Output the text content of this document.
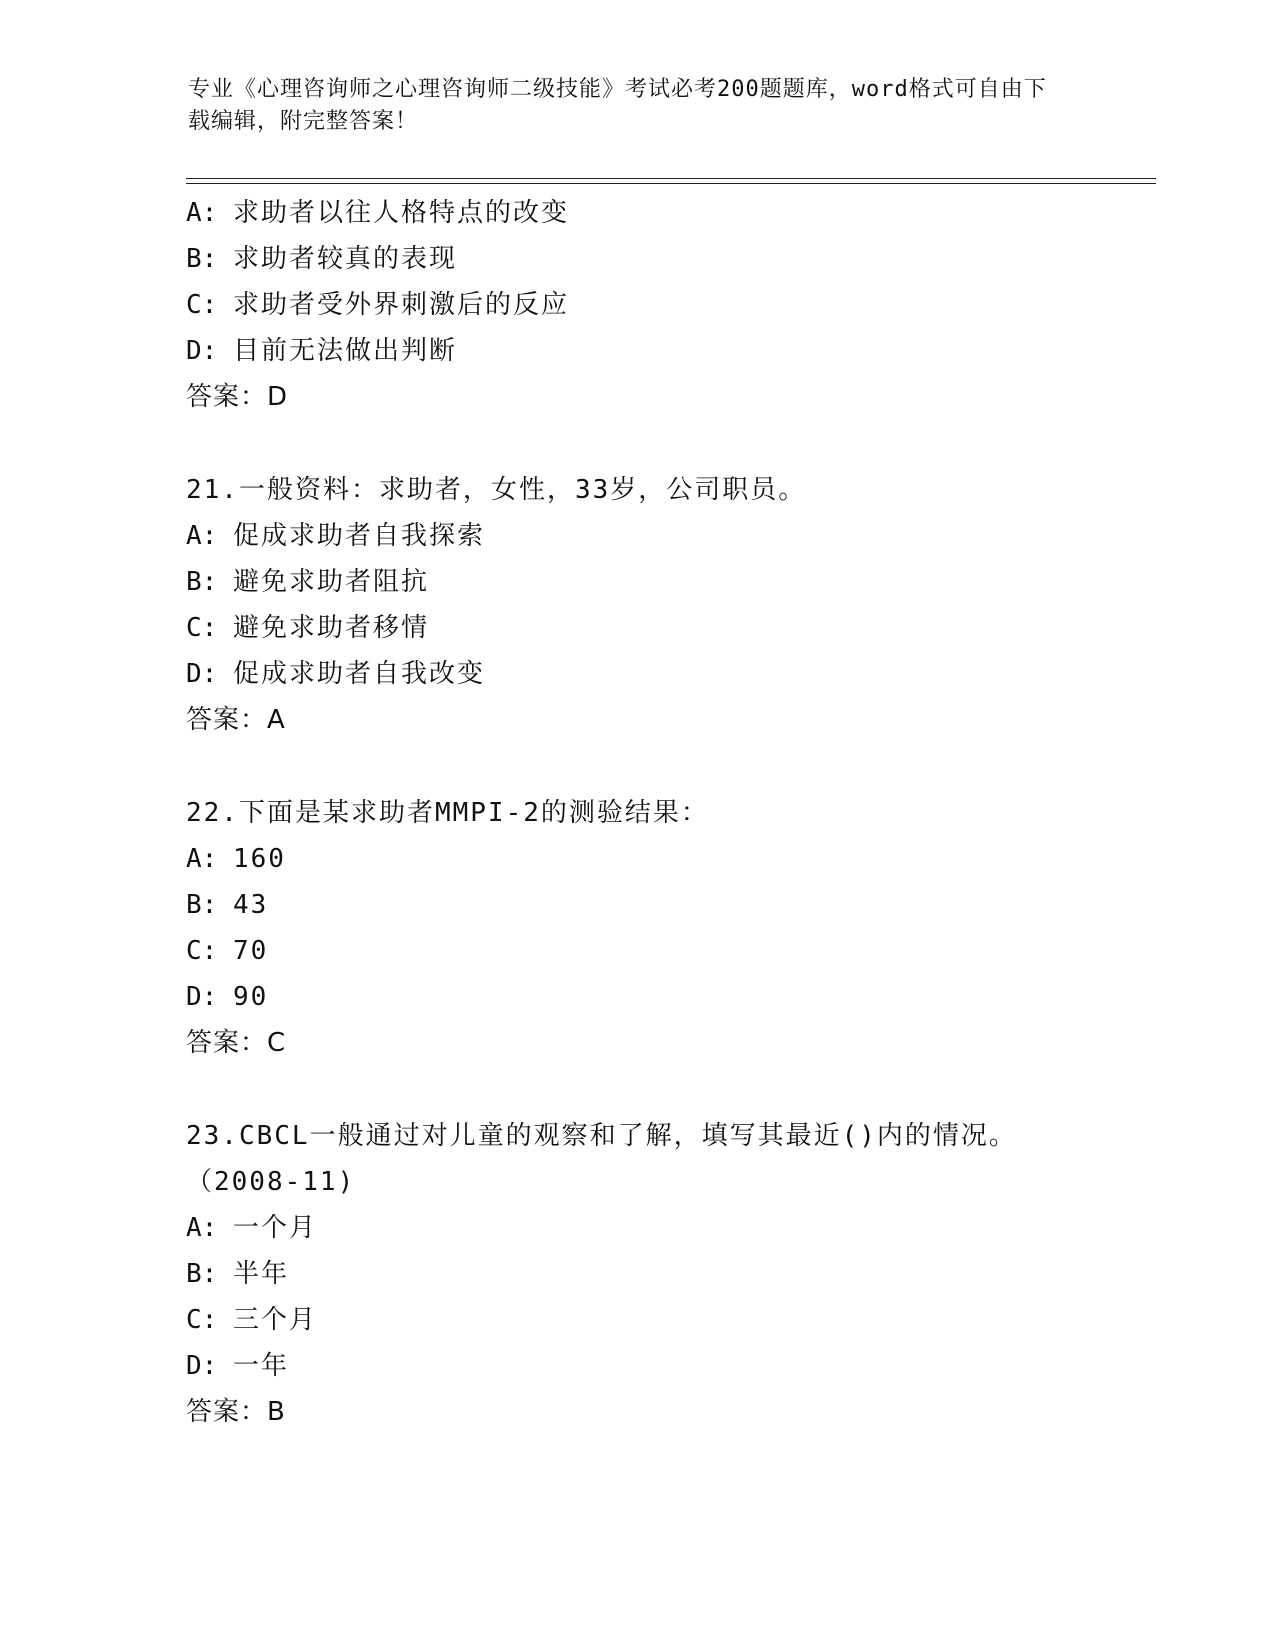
专业《心理咨询师之心理咨询师二级技能》考试必考200题题库，word格式可自由下载编辑，附完整答案！
A: 求助者以往人格特点的改变
B: 求助者较真的表现
C: 求助者受外界刺激后的反应
D: 目前无法做出判断
答案：D
21.一般资料：求助者，女性，33岁，公司职员。
A: 促成求助者自我探索
B: 避免求助者阻抗
C: 避免求助者移情
D: 促成求助者自我改变
答案：A
22.下面是某求助者MMPI-2的测验结果：
A: 160
B: 43
C: 70
D: 90
答案：C
23.CBCL一般通过对儿童的观察和了解，填写其最近()内的情况。（2008-11)
A: 一个月
B: 半年
C: 三个月
D: 一年
答案：B
